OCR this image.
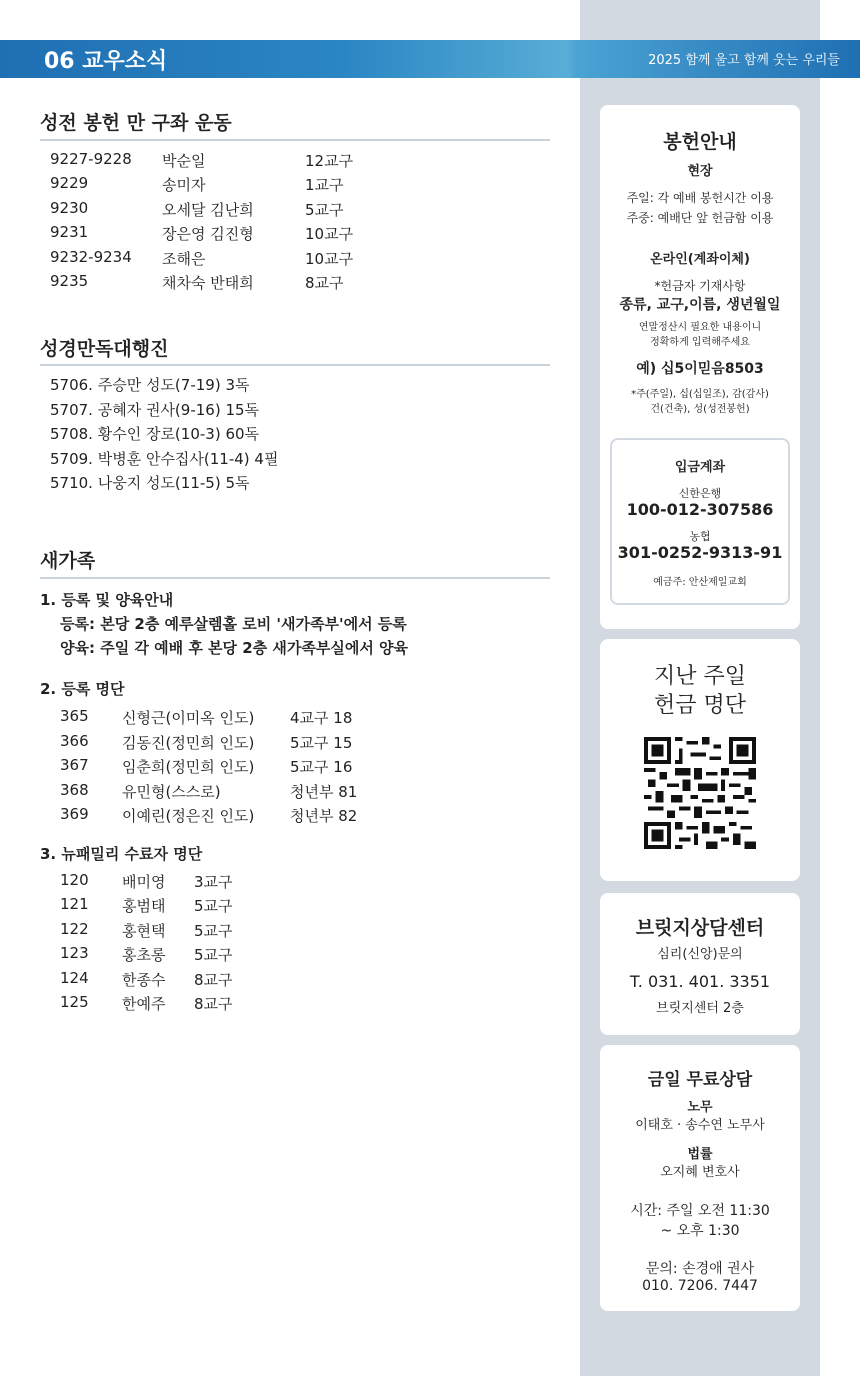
06 교우소식	2025 함께 울고 함께 웃는 우리들
성전 봉헌 만 구좌 운동
9227-9228 박순일	12교구
9229	송미자	1교구
9230	오세달 김난희	5교구
9231	장은영 김진형	10교구
9232-9234 조해은	10교구
9235	채차숙 반태희	8교구
성경만독대행진
5706. 주승만 성도(7-19) 3독
5707. 공혜자 권사(9-16) 15독
5708. 황수인 장로(10-3) 60독
5709. 박병훈 안수집사(11-4) 4필
5710. 나웅지 성도(11-5) 5독
새가족
1. 등록 및 양육안내
등록: 본당 2층 예루살렘홀 로비 '새가족부'에서 등록
양육: 주일 각 예배 후 본당 2층 새가족부실에서 양육
2. 등록 명단
365 신형근(이미옥 인도) 4교구 18
366 김동진(정민희 인도) 5교구 15
367 임춘희(정민희 인도) 5교구 16
368 유민형(스스로)	청년부 81
369 이예린(정은진 인도) 청년부 82
3. 뉴패밀리 수료자 명단
120 배미영 3교구
121 홍범태 5교구
122 홍현택 5교구
123 홍초롱 5교구
124 한종수 8교구
125 한예주 8교구
봉헌안내
현장
주일: 각 예배 봉헌시간 이용
주중: 예배단 앞 헌금함 이용
온라인(계좌이체)
*헌금자 기재사항
종류, 교구,이름, 생년월일
연말정산시 필요한 내용이니
정확하게 입력해주세요
예) 십5이믿음8503
*주(주일), 십(십일조), 감(감사)
건(건축), 성(성전봉헌)
입금계좌
신한은행
100-012-307586
농협
301-0252-9313-91
예금주: 안산제일교회
지난 주일
헌금 명단
브릿지상담센터
심리(신앙)문의
T. 031. 401. 3351
브릿지센터 2층
금일 무료상담
노무
이태호 · 송수연 노무사
법률
오지혜 변호사
시간: 주일 오전 11:30
~ 오후 1:30
문의: 손경애 권사
010. 7206. 7447
